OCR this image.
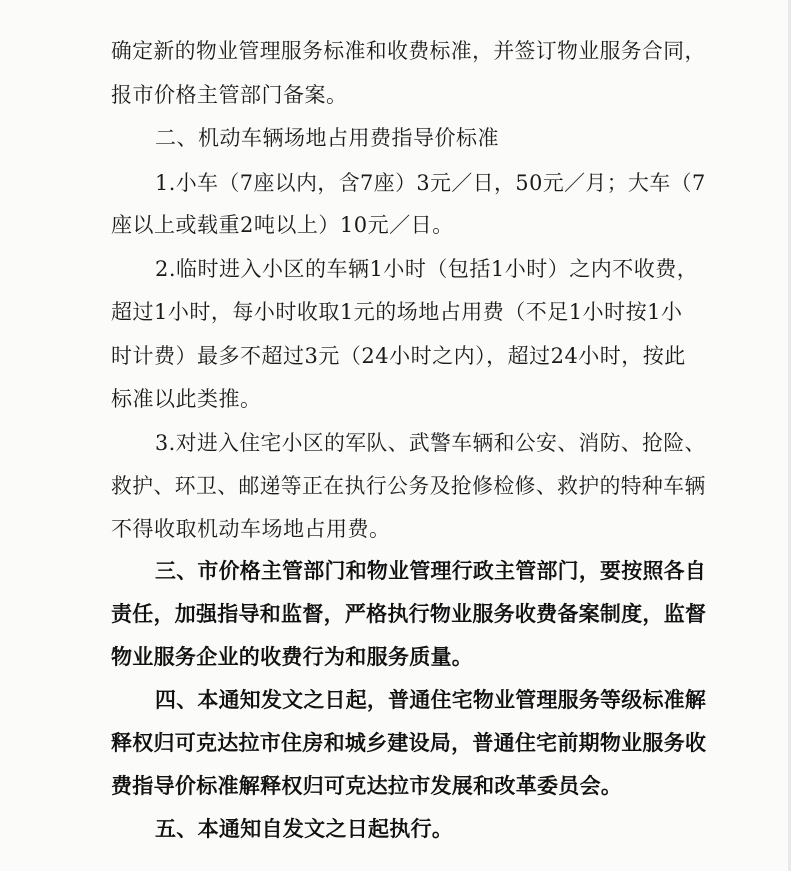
确定新的物业管理服务标准和收费标准，并签订物业服务合同，
报市价格主管部门备案。
二、机动车辆场地占用费指导价标准
1.小车（7座以内，含7座）3元／日，50元／月；大车（7
座以上或载重2吨以上）10元／日。
2.临时进入小区的车辆1小时（包括1小时）之内不收费，
超过1小时，每小时收取1元的场地占用费（不足1小时按1小
时计费）最多不超过3元（24小时之内），超过24小时，按此
标准以此类推。
3.对进入住宅小区的军队、武警车辆和公安、消防、抢险、
救护、环卫、邮递等正在执行公务及抢修检修、救护的特种车辆
不得收取机动车场地占用费。
三、市价格主管部门和物业管理行政主管部门，要按照各自
责任，加强指导和监督，严格执行物业服务收费备案制度，监督
物业服务企业的收费行为和服务质量。
四、本通知发文之日起，普通住宅物业管理服务等级标准解
释权归可克达拉市住房和城乡建设局，普通住宅前期物业服务收
费指导价标准解释权归可克达拉市发展和改革委员会。
五、本通知自发文之日起执行。
